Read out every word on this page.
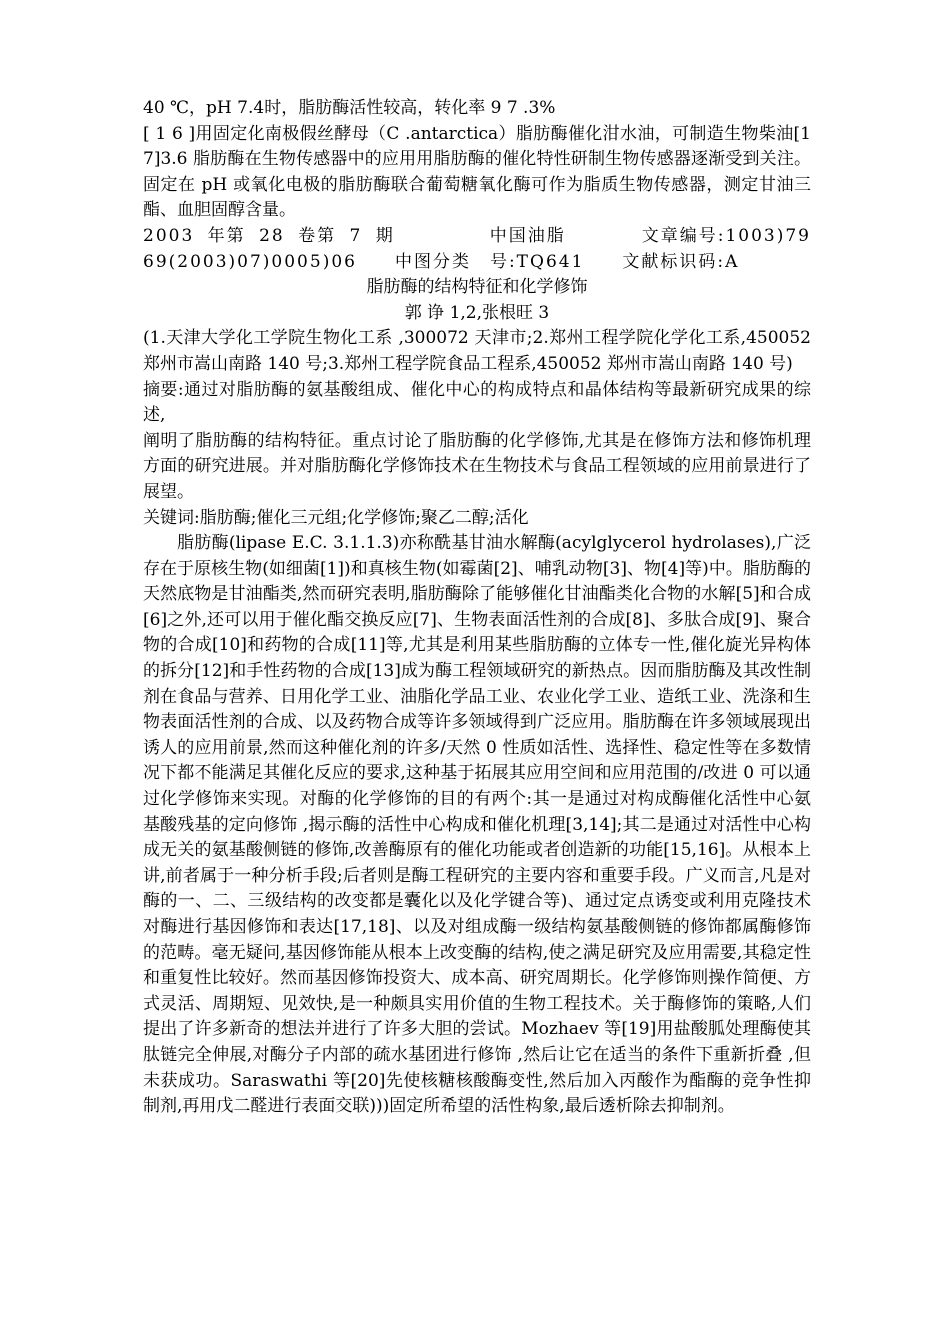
40 ℃，pH 7.4时，脂肪酶活性较高，转化率 9 7 .3%

[ 1 6 ]用固定化南极假丝酵母（C .antarctica）脂肪酶催化泔水油，可制造生物柴油[17]3.6 脂肪酶在生物传感器中的应用用脂肪酶的催化特性研制生物传感器逐渐受到关注。固定在 pH 或氧化电极的脂肪酶联合葡萄糖氧化酶可作为脂质生物传感器，测定甘油三酯、血胆固醇含量。

2003 年第 28 卷第 7 期　　　　　中国油脂　　　　文章编号:1003)7969(2003)07)0005)06　　中图分类　号:TQ641　　文献标识码:A

脂肪酶的结构特征和化学修饰

郭 诤 1,2,张根旺 3

(1.天津大学化工学院生物化工系 ,300072 天津市;2.郑州工程学院化学化工系,450052 郑州市嵩山南路 140 号;3.郑州工程学院食品工程系,450052 郑州市嵩山南路 140 号)

摘要:通过对脂肪酶的氨基酸组成、催化中心的构成特点和晶体结构等最新研究成果的综述,

阐明了脂肪酶的结构特征。重点讨论了脂肪酶的化学修饰,尤其是在修饰方法和修饰机理方面的研究进展。并对脂肪酶化学修饰技术在生物技术与食品工程领域的应用前景进行了展望。

关键词:脂肪酶;催化三元组;化学修饰;聚乙二醇;活化

脂肪酶(lipase E.C. 3.1.1.3)亦称酰基甘油水解酶(acylglycerol hydrolases),广泛存在于原核生物(如细菌[1])和真核生物(如霉菌[2]、哺乳动物[3]、物[4]等)中。脂肪酶的天然底物是甘油酯类,然而研究表明,脂肪酶除了能够催化甘油酯类化合物的水解[5]和合成[6]之外,还可以用于催化酯交换反应[7]、生物表面活性剂的合成[8]、多肽合成[9]、聚合物的合成[10]和药物的合成[11]等,尤其是利用某些脂肪酶的立体专一性,催化旋光异构体的拆分[12]和手性药物的合成[13]成为酶工程领域研究的新热点。因而脂肪酶及其改性制剂在食品与营养、日用化学工业、油脂化学品工业、农业化学工业、造纸工业、洗涤和生物表面活性剂的合成、以及药物合成等许多领域得到广泛应用。脂肪酶在许多领域展现出诱人的应用前景,然而这种催化剂的许多/天然 0 性质如活性、选择性、稳定性等在多数情况下都不能满足其催化反应的要求,这种基于拓展其应用空间和应用范围的/改进 0 可以通过化学修饰来实现。对酶的化学修饰的目的有两个:其一是通过对构成酶催化活性中心氨基酸残基的定向修饰 ,揭示酶的活性中心构成和催化机理[3,14];其二是通过对活性中心构成无关的氨基酸侧链的修饰,改善酶原有的催化功能或者创造新的功能[15,16]。从根本上讲,前者属于一种分析手段;后者则是酶工程研究的主要内容和重要手段。广义而言,凡是对酶的一、二、三级结构的改变都是囊化以及化学键合等)、通过定点诱变或利用克隆技术对酶进行基因修饰和表达[17,18]、以及对组成酶一级结构氨基酸侧链的修饰都属酶修饰的范畴。毫无疑问,基因修饰能从根本上改变酶的结构,使之满足研究及应用需要,其稳定性和重复性比较好。然而基因修饰投资大、成本高、研究周期长。化学修饰则操作简便、方式灵活、周期短、见效快,是一种颇具实用价值的生物工程技术。关于酶修饰的策略,人们提出了许多新奇的想法并进行了许多大胆的尝试。Mozhaev 等[19]用盐酸胍处理酶使其肽链完全伸展,对酶分子内部的疏水基团进行修饰 ,然后让它在适当的条件下重新折叠 ,但未获成功。Saraswathi 等[20]先使核糖核酸酶变性,然后加入丙酸作为酯酶的竞争性抑制剂,再用戊二醛进行表面交联)))固定所希望的活性构象,最后透析除去抑制剂。
